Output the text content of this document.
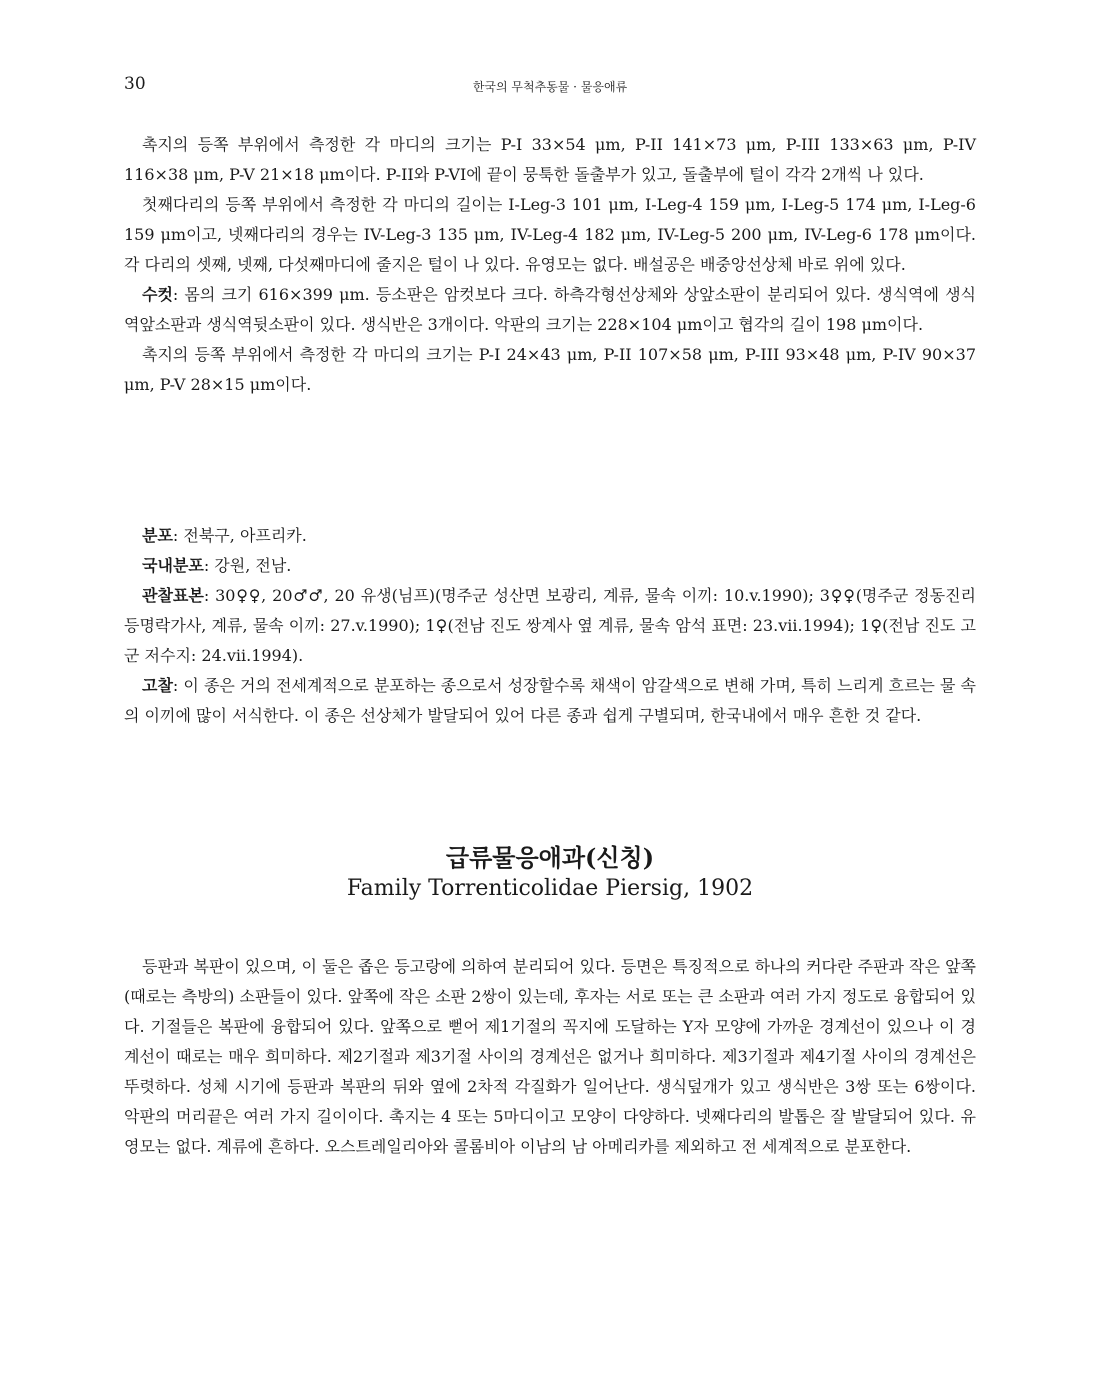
30	한국의 무척추동물 · 물응애류

촉지의 등쪽 부위에서 측정한 각 마디의 크기는 P-I 33×54 μm, P-II 141×73 μm, P-III 133×63 μm, P-IV 116×38 μm, P-V 21×18 μm이다. P-II와 P-VI에 끝이 뭉툭한 돌출부가 있고, 돌출부에 털이 각각 2개씩 나 있다.

첫째다리의 등쪽 부위에서 측정한 각 마디의 길이는 I-Leg-3 101 μm, I-Leg-4 159 μm, I-Leg-5 174 μm, I-Leg-6 159 μm이고, 넷째다리의 경우는 IV-Leg-3 135 μm, IV-Leg-4 182 μm, IV-Leg-5 200 μm, IV-Leg-6 178 μm이다. 각 다리의 셋째, 넷째, 다섯째마디에 줄지은 털이 나 있다. 유영모는 없다. 배설공은 배중앙선상체 바로 위에 있다.

수컷: 몸의 크기 616×399 μm. 등소판은 암컷보다 크다. 하측각형선상체와 상앞소판이 분리되어 있다. 생식역에 생식역앞소판과 생식역뒷소판이 있다. 생식반은 3개이다. 악판의 크기는 228×104 μm이고 협각의 길이 198 μm이다.

촉지의 등쪽 부위에서 측정한 각 마디의 크기는 P-I 24×43 μm, P-II 107×58 μm, P-III 93×48 μm, P-IV 90×37 μm, P-V 28×15 μm이다.

분포: 전북구, 아프리카.

국내분포: 강원, 전남.

관찰표본: 30♀♀, 20♂♂, 20 유생(님프)(명주군 성산면 보광리, 계류, 물속 이끼: 10.v.1990); 3♀♀(명주군 정동진리 등명락가사, 계류, 물속 이끼: 27.v.1990); 1♀(전남 진도 쌍계사 옆 계류, 물속 암석 표면: 23.vii.1994); 1♀(전남 진도 고군 저수지: 24.vii.1994).

고찰: 이 종은 거의 전세계적으로 분포하는 종으로서 성장할수록 채색이 암갈색으로 변해 가며, 특히 느리게 흐르는 물 속의 이끼에 많이 서식한다. 이 종은 선상체가 발달되어 있어 다른 종과 쉽게 구별되며, 한국내에서 매우 흔한 것 같다.

급류물응애과(신칭)
Family Torrenticolidae Piersig, 1902

등판과 복판이 있으며, 이 둘은 좁은 등고랑에 의하여 분리되어 있다. 등면은 특징적으로 하나의 커다란 주판과 작은 앞쪽(때로는 측방의) 소판들이 있다. 앞쪽에 작은 소판 2쌍이 있는데, 후자는 서로 또는 큰 소판과 여러 가지 정도로 융합되어 있다. 기절들은 복판에 융합되어 있다. 앞쪽으로 뻗어 제1기절의 꼭지에 도달하는 Y자 모양에 가까운 경계선이 있으나 이 경계선이 때로는 매우 희미하다. 제2기절과 제3기절 사이의 경계선은 없거나 희미하다. 제3기절과 제4기절 사이의 경계선은 뚜렷하다. 성체 시기에 등판과 복판의 뒤와 옆에 2차적 각질화가 일어난다. 생식덮개가 있고 생식반은 3쌍 또는 6쌍이다. 악판의 머리끝은 여러 가지 길이이다. 촉지는 4 또는 5마디이고 모양이 다양하다. 넷째다리의 발톱은 잘 발달되어 있다. 유영모는 없다. 계류에 흔하다. 오스트레일리아와 콜롬비아 이남의 남 아메리카를 제외하고 전 세계적으로 분포한다.
